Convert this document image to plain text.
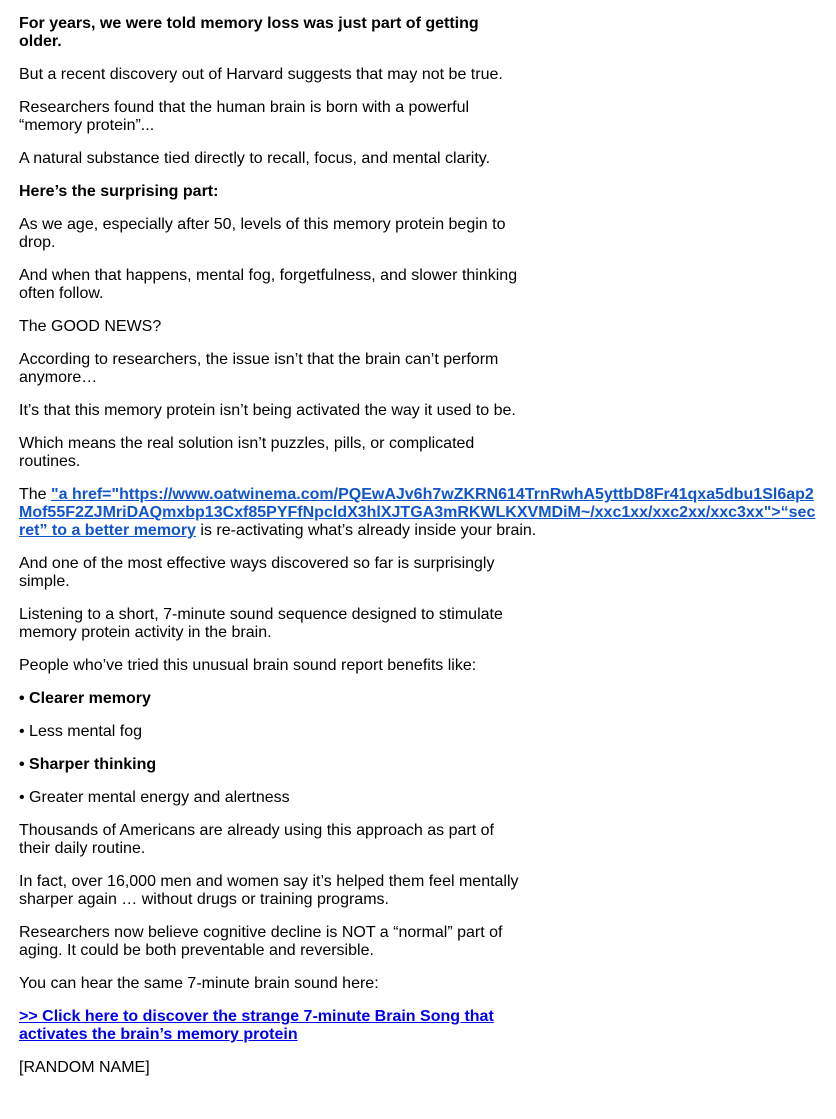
For years, we were told memory loss was just part of getting older.

But a recent discovery out of Harvard suggests that may not be true.

Researchers found that the human brain is born with a powerful “memory protein”...

A natural substance tied directly to recall, focus, and mental clarity.

Here’s the surprising part:

As we age, especially after 50, levels of this memory protein begin to drop.

And when that happens, mental fog, forgetfulness, and slower thinking often follow.

The GOOD NEWS?

According to researchers, the issue isn’t that the brain can’t perform anymore…

It’s that this memory protein isn’t being activated the way it used to be.

Which means the real solution isn’t puzzles, pills, or complicated routines.

The "a href="https://www.oatwinema.com/PQEwAJv6h7wZKRN614TrnRwhA5yttbD8Fr41qxa5dbu1Sl6ap2Mof55F2ZJMriDAQmxbp13Cxf85PYFfNpcldX3hlXJTGA3mRKWLKXVMDiM~/xxc1xx/xxc2xx/xxc3xx">“secret” to a better memory is re-activating what’s already inside your brain.

And one of the most effective ways discovered so far is surprisingly simple.

Listening to a short, 7-minute sound sequence designed to stimulate memory protein activity in the brain.

People who’ve tried this unusual brain sound report benefits like:

• Clearer memory

• Less mental fog

• Sharper thinking

• Greater mental energy and alertness

Thousands of Americans are already using this approach as part of their daily routine.

In fact, over 16,000 men and women say it’s helped them feel mentally sharper again … without drugs or training programs.

Researchers now believe cognitive decline is NOT a “normal” part of aging. It could be both preventable and reversible.

You can hear the same 7-minute brain sound here:

>> Click here to discover the strange 7-minute Brain Song that activates the brain’s memory protein

[RANDOM NAME]
